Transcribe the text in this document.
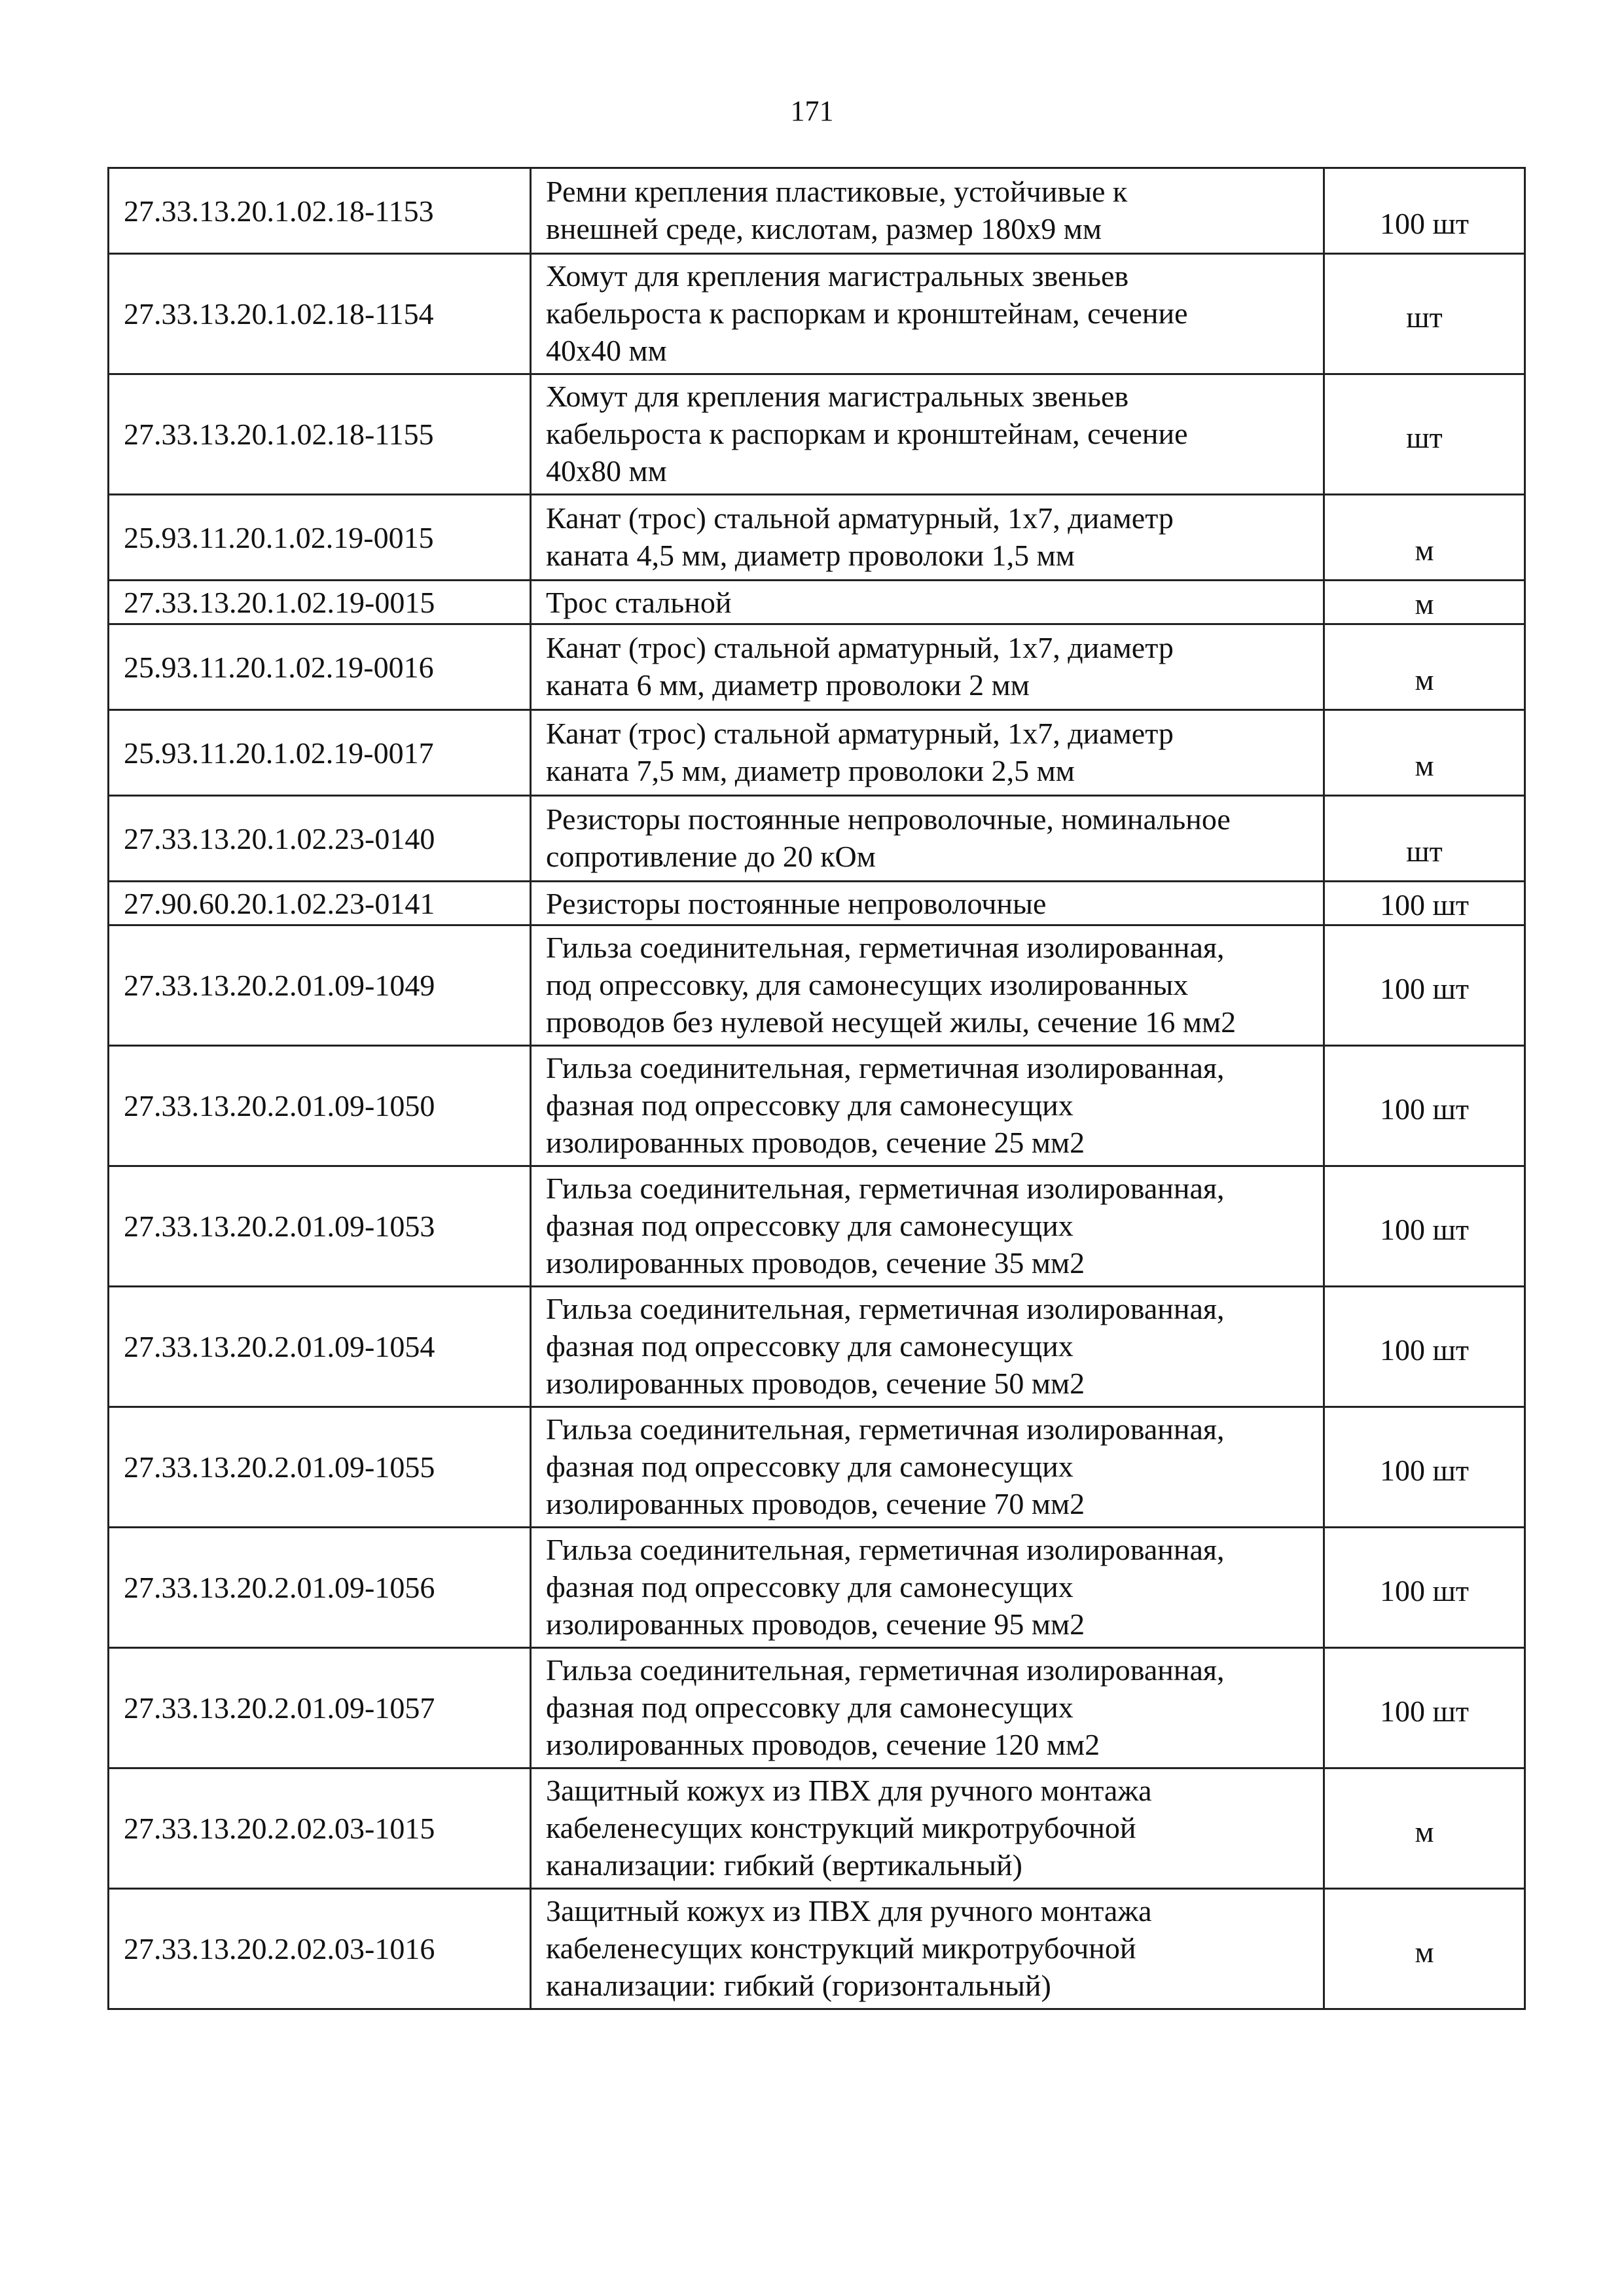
171
27.33.13.20.1.02.18-1153	Ремни крепления пластиковые, устойчивые к
внешней среде, кислотам, размер 180х9 мм	100 шт
27.33.13.20.1.02.18-1154	Хомут для крепления магистральных звеньев
кабельроста к распоркам и кронштейнам, сечение
40х40 мм	шт
27.33.13.20.1.02.18-1155	Хомут для крепления магистральных звеньев
кабельроста к распоркам и кронштейнам, сечение
40х80 мм	шт
25.93.11.20.1.02.19-0015	Канат (трос) стальной арматурный, 1х7, диаметр
каната 4,5 мм, диаметр проволоки 1,5 мм	м
27.33.13.20.1.02.19-0015	Трос стальной	м
25.93.11.20.1.02.19-0016	Канат (трос) стальной арматурный, 1х7, диаметр
каната 6 мм, диаметр проволоки 2 мм	м
25.93.11.20.1.02.19-0017	Канат (трос) стальной арматурный, 1х7, диаметр
каната 7,5 мм, диаметр проволоки 2,5 мм	м
27.33.13.20.1.02.23-0140	Резисторы постоянные непроволочные, номинальное
сопротивление до 20 кОм	шт
27.90.60.20.1.02.23-0141	Резисторы постоянные непроволочные	100 шт
27.33.13.20.2.01.09-1049	Гильза соединительная, герметичная изолированная,
под опрессовку, для самонесущих изолированных
проводов без нулевой несущей жилы, сечение 16 мм2	100 шт
27.33.13.20.2.01.09-1050	Гильза соединительная, герметичная изолированная,
фазная под опрессовку для самонесущих
изолированных проводов, сечение 25 мм2	100 шт
27.33.13.20.2.01.09-1053	Гильза соединительная, герметичная изолированная,
фазная под опрессовку для самонесущих
изолированных проводов, сечение 35 мм2	100 шт
27.33.13.20.2.01.09-1054	Гильза соединительная, герметичная изолированная,
фазная под опрессовку для самонесущих
изолированных проводов, сечение 50 мм2	100 шт
27.33.13.20.2.01.09-1055	Гильза соединительная, герметичная изолированная,
фазная под опрессовку для самонесущих
изолированных проводов, сечение 70 мм2	100 шт
27.33.13.20.2.01.09-1056	Гильза соединительная, герметичная изолированная,
фазная под опрессовку для самонесущих
изолированных проводов, сечение 95 мм2	100 шт
27.33.13.20.2.01.09-1057	Гильза соединительная, герметичная изолированная,
фазная под опрессовку для самонесущих
изолированных проводов, сечение 120 мм2	100 шт
27.33.13.20.2.02.03-1015	Защитный кожух из ПВХ для ручного монтажа
кабеленесущих конструкций микротрубочной
канализации: гибкий (вертикальный)	м
27.33.13.20.2.02.03-1016	Защитный кожух из ПВХ для ручного монтажа
кабеленесущих конструкций микротрубочной
канализации: гибкий (горизонтальный)	м
